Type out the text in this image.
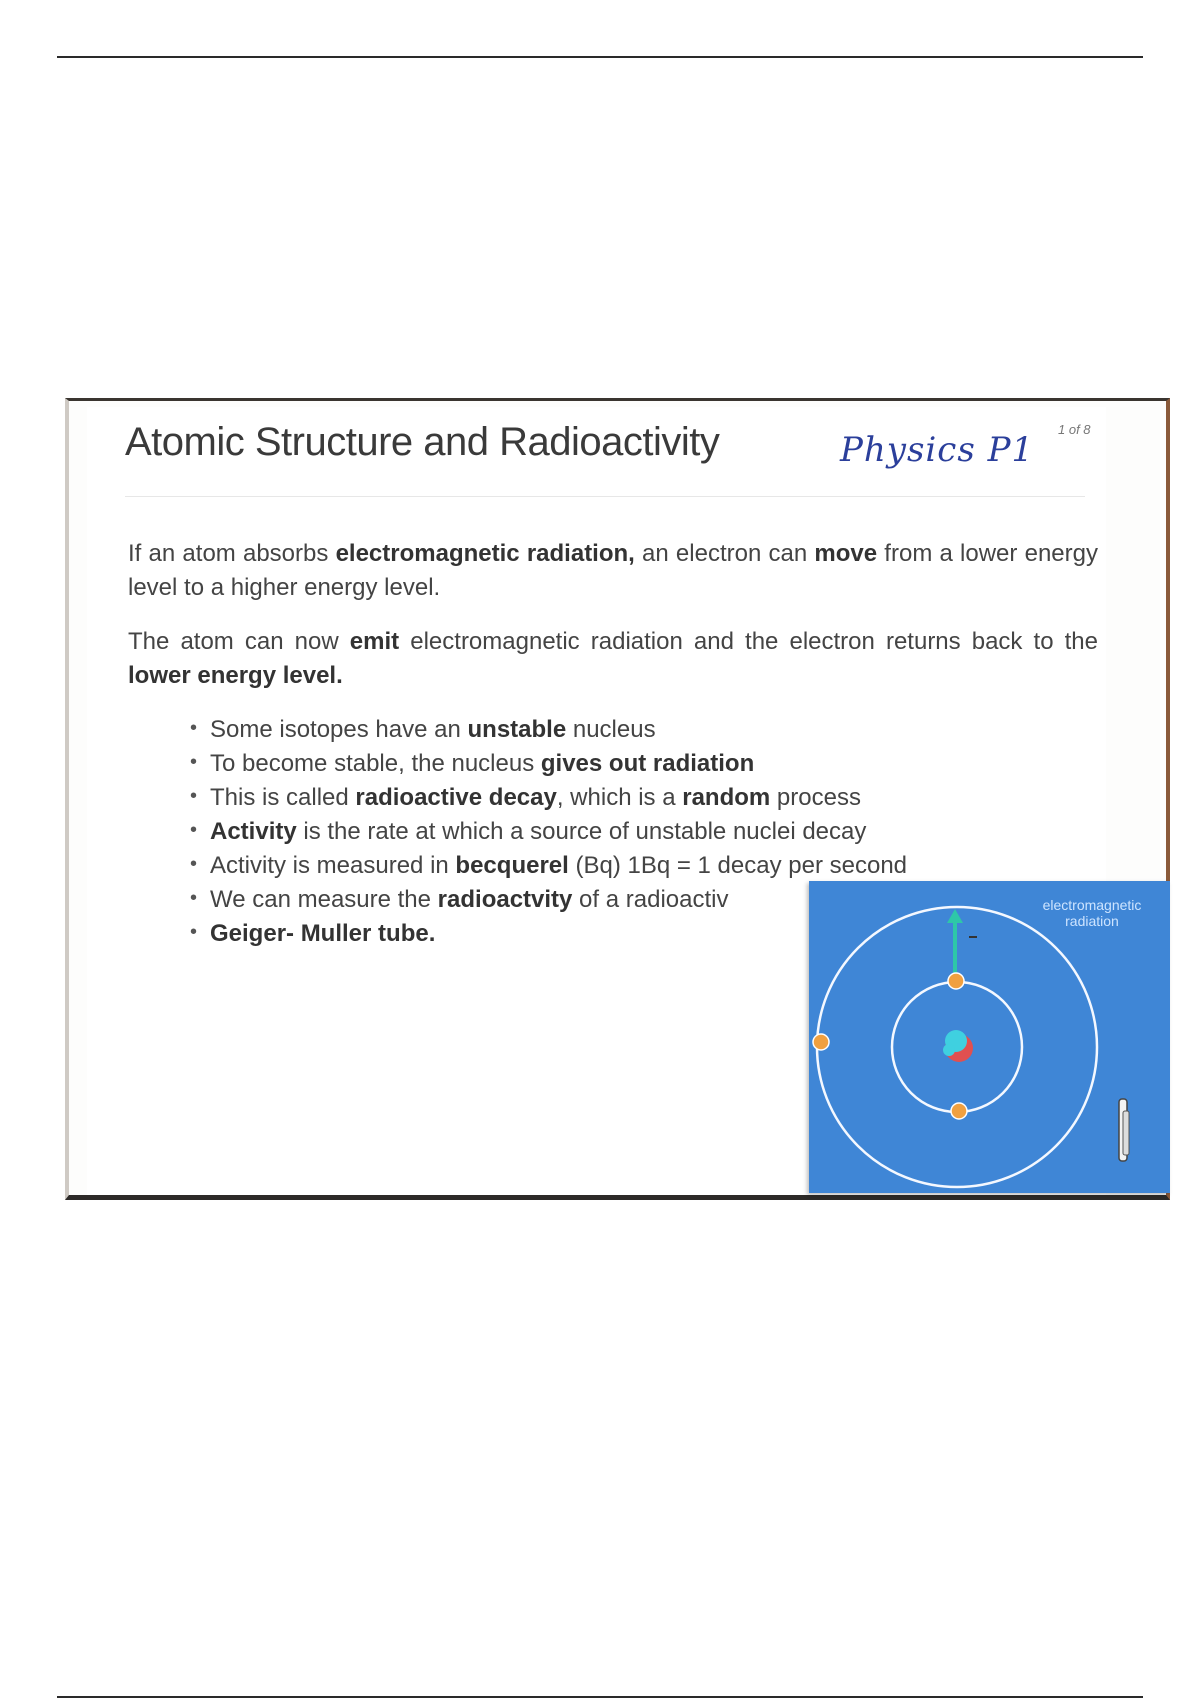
Atomic Structure and Radioactivity	Physics P1
1 of 8
If an atom absorbs electromagnetic radiation, an electron can move from a lower energy level to a higher energy level.
The atom can now emit electromagnetic radiation and the electron returns back to the lower energy level.
• Some isotopes have an unstable nucleus
• To become stable, the nucleus gives out radiation
• This is called radioactive decay, which is a random process
• Activity is the rate at which a source of unstable nuclei decay
• Activity is measured in becquerel (Bq) 1Bq = 1 decay per second
• We can measure the radioactvity of a radioactiv
• Geiger- Muller tube.
electromagnetic radiation
